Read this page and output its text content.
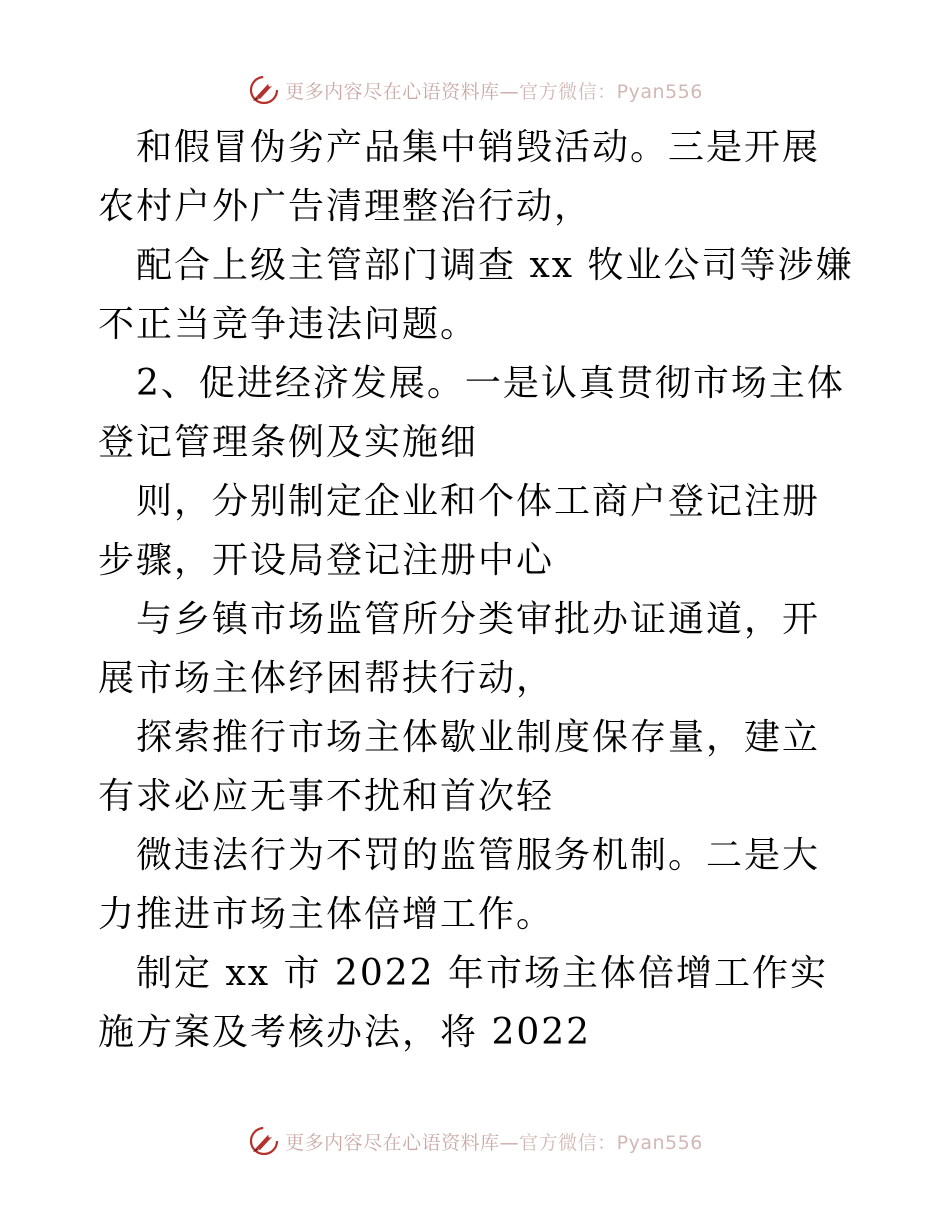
更多内容尽在心语资料库—官方微信：Pyan556

和假冒伪劣产品集中销毁活动。三是开展农村户外广告清理整治行动，

配合上级主管部门调查 xx 牧业公司等涉嫌不正当竞争违法问题。

2、促进经济发展。一是认真贯彻市场主体登记管理条例及实施细

则，分别制定企业和个体工商户登记注册步骤，开设局登记注册中心

与乡镇市场监管所分类审批办证通道，开展市场主体纾困帮扶行动，

探索推行市场主体歇业制度保存量，建立有求必应无事不扰和首次轻

微违法行为不罚的监管服务机制。二是大力推进市场主体倍增工作。

制定 xx 市 2022 年市场主体倍增工作实施方案及考核办法，将 2022

更多内容尽在心语资料库—官方微信：Pyan556
